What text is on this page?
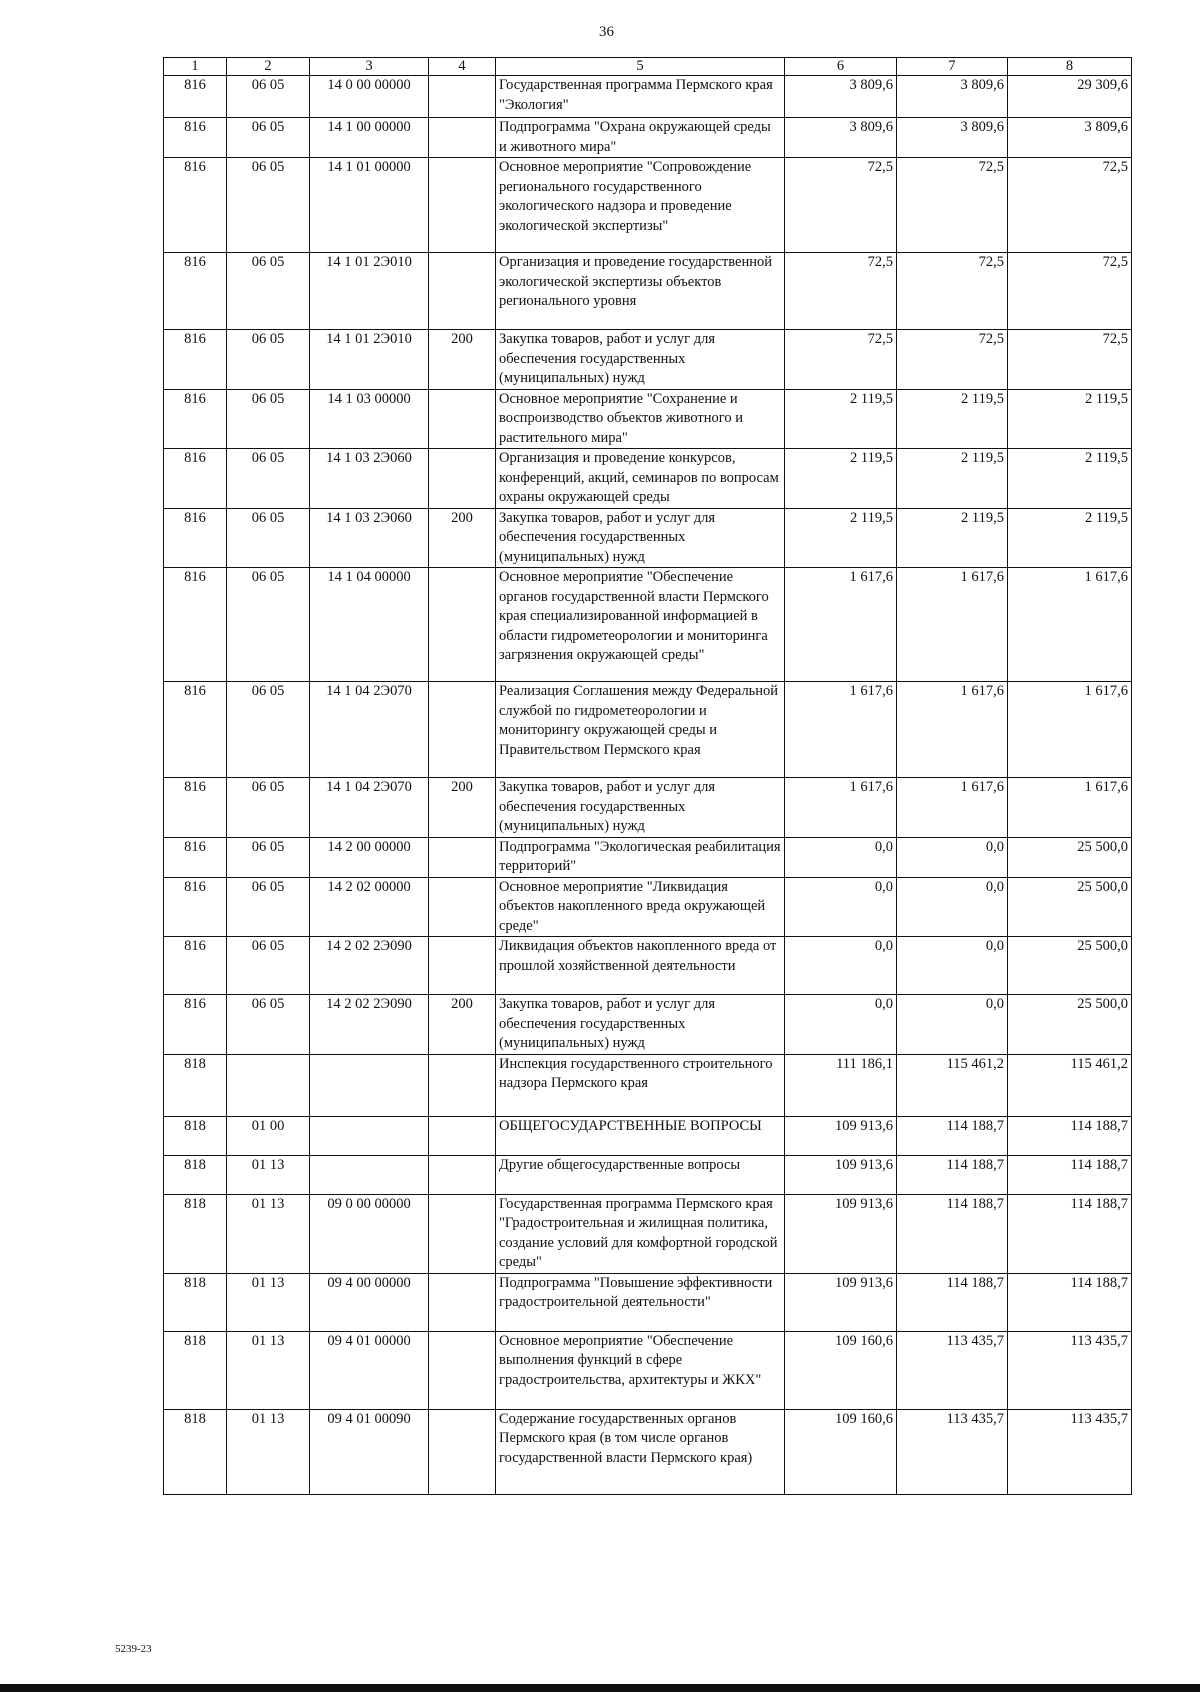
36
1	2	3	4	5	6	7	8
816	06 05	14 0 00 00000		Государственная программа Пермского края "Экология"	3 809,6	3 809,6	29 309,6
816	06 05	14 1 00 00000		Подпрограмма "Охрана окружающей среды и животного мира"	3 809,6	3 809,6	3 809,6
816	06 05	14 1 01 00000		Основное мероприятие "Сопровождение регионального государственного экологического надзора и проведение экологической экспертизы"	72,5	72,5	72,5
816	06 05	14 1 01 2Э010		Организация и проведение государственной экологической экспертизы объектов регионального уровня	72,5	72,5	72,5
816	06 05	14 1 01 2Э010	200	Закупка товаров, работ и услуг для обеспечения государственных (муниципальных) нужд	72,5	72,5	72,5
816	06 05	14 1 03 00000		Основное мероприятие "Сохранение и воспроизводство объектов животного и растительного мира"	2 119,5	2 119,5	2 119,5
816	06 05	14 1 03 2Э060		Организация и проведение конкурсов, конференций, акций, семинаров по вопросам охраны окружающей среды	2 119,5	2 119,5	2 119,5
816	06 05	14 1 03 2Э060	200	Закупка товаров, работ и услуг для обеспечения государственных (муниципальных) нужд	2 119,5	2 119,5	2 119,5
816	06 05	14 1 04 00000		Основное мероприятие "Обеспечение органов государственной власти Пермского края специализированной информацией в области гидрометеорологии и мониторинга загрязнения окружающей среды"	1 617,6	1 617,6	1 617,6
816	06 05	14 1 04 2Э070		Реализация Соглашения между Федеральной службой по гидрометеорологии и мониторингу окружающей среды и Правительством Пермского края	1 617,6	1 617,6	1 617,6
816	06 05	14 1 04 2Э070	200	Закупка товаров, работ и услуг для обеспечения государственных (муниципальных) нужд	1 617,6	1 617,6	1 617,6
816	06 05	14 2 00 00000		Подпрограмма "Экологическая реабилитация территорий"	0,0	0,0	25 500,0
816	06 05	14 2 02 00000		Основное мероприятие "Ликвидация объектов накопленного вреда окружающей среде"	0,0	0,0	25 500,0
816	06 05	14 2 02 2Э090		Ликвидация объектов накопленного вреда от прошлой хозяйственной деятельности	0,0	0,0	25 500,0
816	06 05	14 2 02 2Э090	200	Закупка товаров, работ и услуг для обеспечения государственных (муниципальных) нужд	0,0	0,0	25 500,0
818				Инспекция государственного строительного надзора Пермского края	111 186,1	115 461,2	115 461,2
818	01 00			ОБЩЕГОСУДАРСТВЕННЫЕ ВОПРОСЫ	109 913,6	114 188,7	114 188,7
818	01 13			Другие общегосударственные вопросы	109 913,6	114 188,7	114 188,7
818	01 13	09 0 00 00000		Государственная программа Пермского края "Градостроительная и жилищная политика, создание условий для комфортной городской среды"	109 913,6	114 188,7	114 188,7
818	01 13	09 4 00 00000		Подпрограмма "Повышение эффективности градостроительной деятельности"	109 913,6	114 188,7	114 188,7
818	01 13	09 4 01 00000		Основное мероприятие "Обеспечение выполнения функций в сфере градостроительства, архитектуры и ЖКХ"	109 160,6	113 435,7	113 435,7
818	01 13	09 4 01 00090		Содержание государственных органов Пермского края (в том числе органов государственной власти Пермского края)	109 160,6	113 435,7	113 435,7
5239-23
